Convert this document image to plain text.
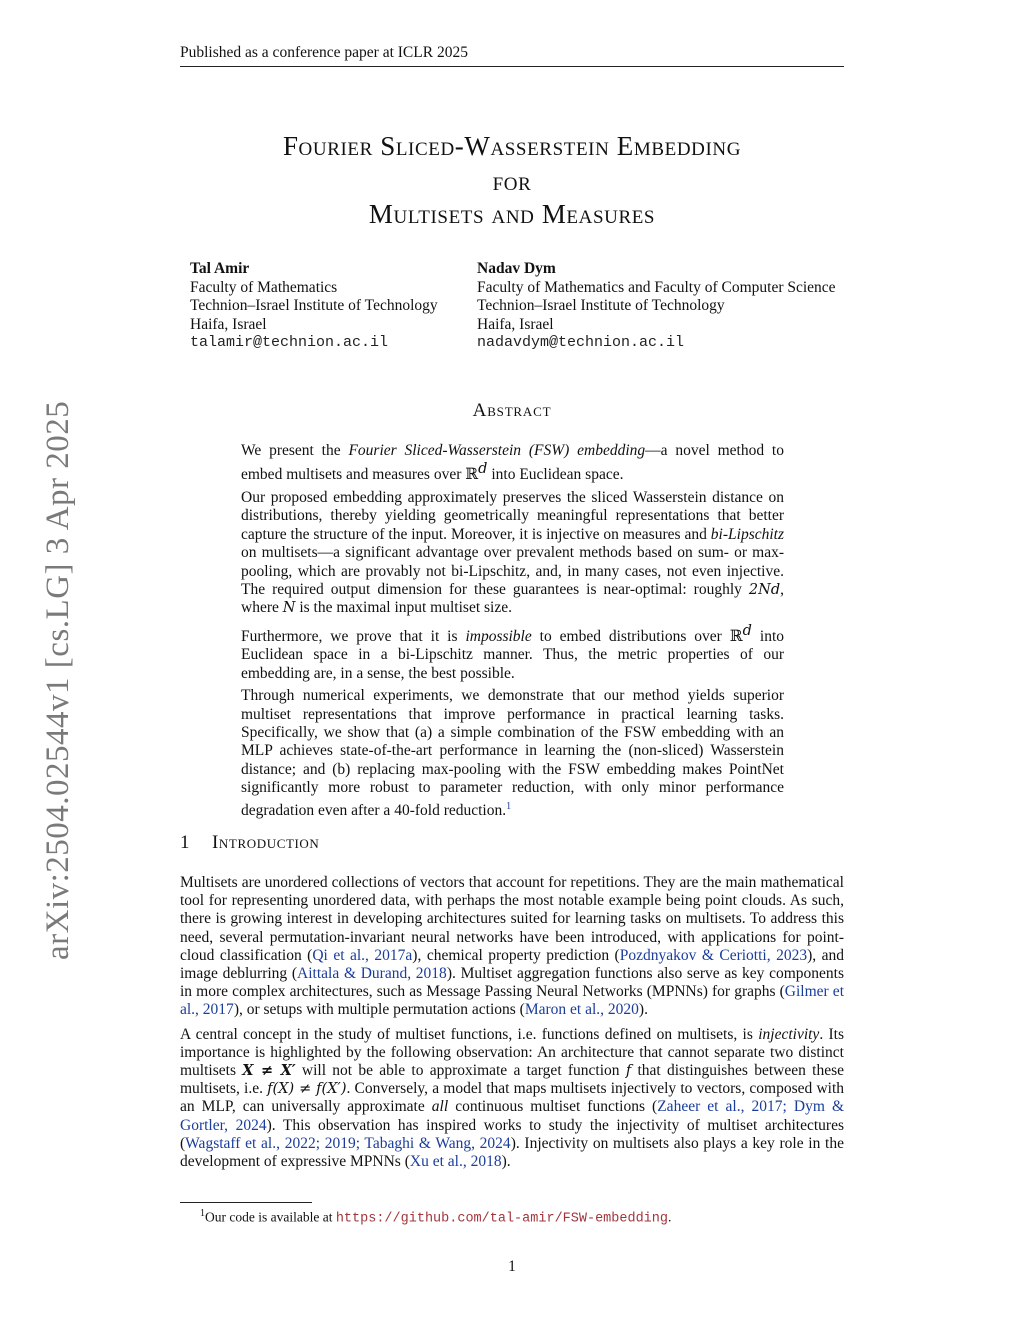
Published as a conference paper at ICLR 2025
arXiv:2504.02544v1 [cs.LG] 3 Apr 2025
Fourier Sliced-Wasserstein Embedding
for
Multisets and Measures
Tal Amir
Faculty of Mathematics
Technion–Israel Institute of Technology
Haifa, Israel
talamir@technion.ac.il
Nadav Dym
Faculty of Mathematics and Faculty of Computer Science
Technion–Israel Institute of Technology
Haifa, Israel
nadavdym@technion.ac.il
Abstract

We present the Fourier Sliced-Wasserstein (FSW) embedding—a novel method to embed multisets and measures over ℝ$^d$ into Euclidean space.

Our proposed embedding approximately preserves the sliced Wasserstein distance on distributions, thereby yielding geometrically meaningful representations that better capture the structure of the input. Moreover, it is injective on measures and bi-Lipschitz on multisets—a significant advantage over prevalent methods based on sum- or max-pooling, which are provably not bi-Lipschitz, and, in many cases, not even injective. The required output dimension for these guarantees is near-optimal: roughly 2Nd, where N is the maximal input multiset size.

Furthermore, we prove that it is impossible to embed distributions over ℝ$^d$ into Euclidean space in a bi-Lipschitz manner. Thus, the metric properties of our embedding are, in a sense, the best possible.

Through numerical experiments, we demonstrate that our method yields superior multiset representations that improve performance in practical learning tasks. Specifically, we show that (a) a simple combination of the FSW embedding with an MLP achieves state-of-the-art performance in learning the (non-sliced) Wasserstein distance; and (b) replacing max-pooling with the FSW embedding makes PointNet significantly more robust to parameter reduction, with only minor performance degradation even after a 40-fold reduction.$^1$

1 Introduction

Multisets are unordered collections of vectors that account for repetitions. They are the main mathematical tool for representing unordered data, with perhaps the most notable example being point clouds. As such, there is growing interest in developing architectures suited for learning tasks on multisets. To address this need, several permutation-invariant neural networks have been introduced, with applications for point-cloud classification (Qi et al., 2017a), chemical property prediction (Pozdnyakov & Ceriotti, 2023), and image deblurring (Aittala & Durand, 2018). Multiset aggregation functions also serve as key components in more complex architectures, such as Message Passing Neural Networks (MPNNs) for graphs (Gilmer et al., 2017), or setups with multiple permutation actions (Maron et al., 2020).

A central concept in the study of multiset functions, i.e. functions defined on multisets, is injectivity. Its importance is highlighted by the following observation: An architecture that cannot separate two distinct multisets X ≠ X′ will not be able to approximate a target function f that distinguishes between these multisets, i.e. f(X) ≠ f(X′). Conversely, a model that maps multisets injectively to vectors, composed with an MLP, can universally approximate all continuous multiset functions (Zaheer et al., 2017; Dym & Gortler, 2024). This observation has inspired works to study the injectivity of multiset architectures (Wagstaff et al., 2022; 2019; Tabaghi & Wang, 2024). Injectivity on multisets also plays a key role in the development of expressive MPNNs (Xu et al., 2018).

$^1$Our code is available at https://github.com/tal-amir/FSW-embedding.
1
